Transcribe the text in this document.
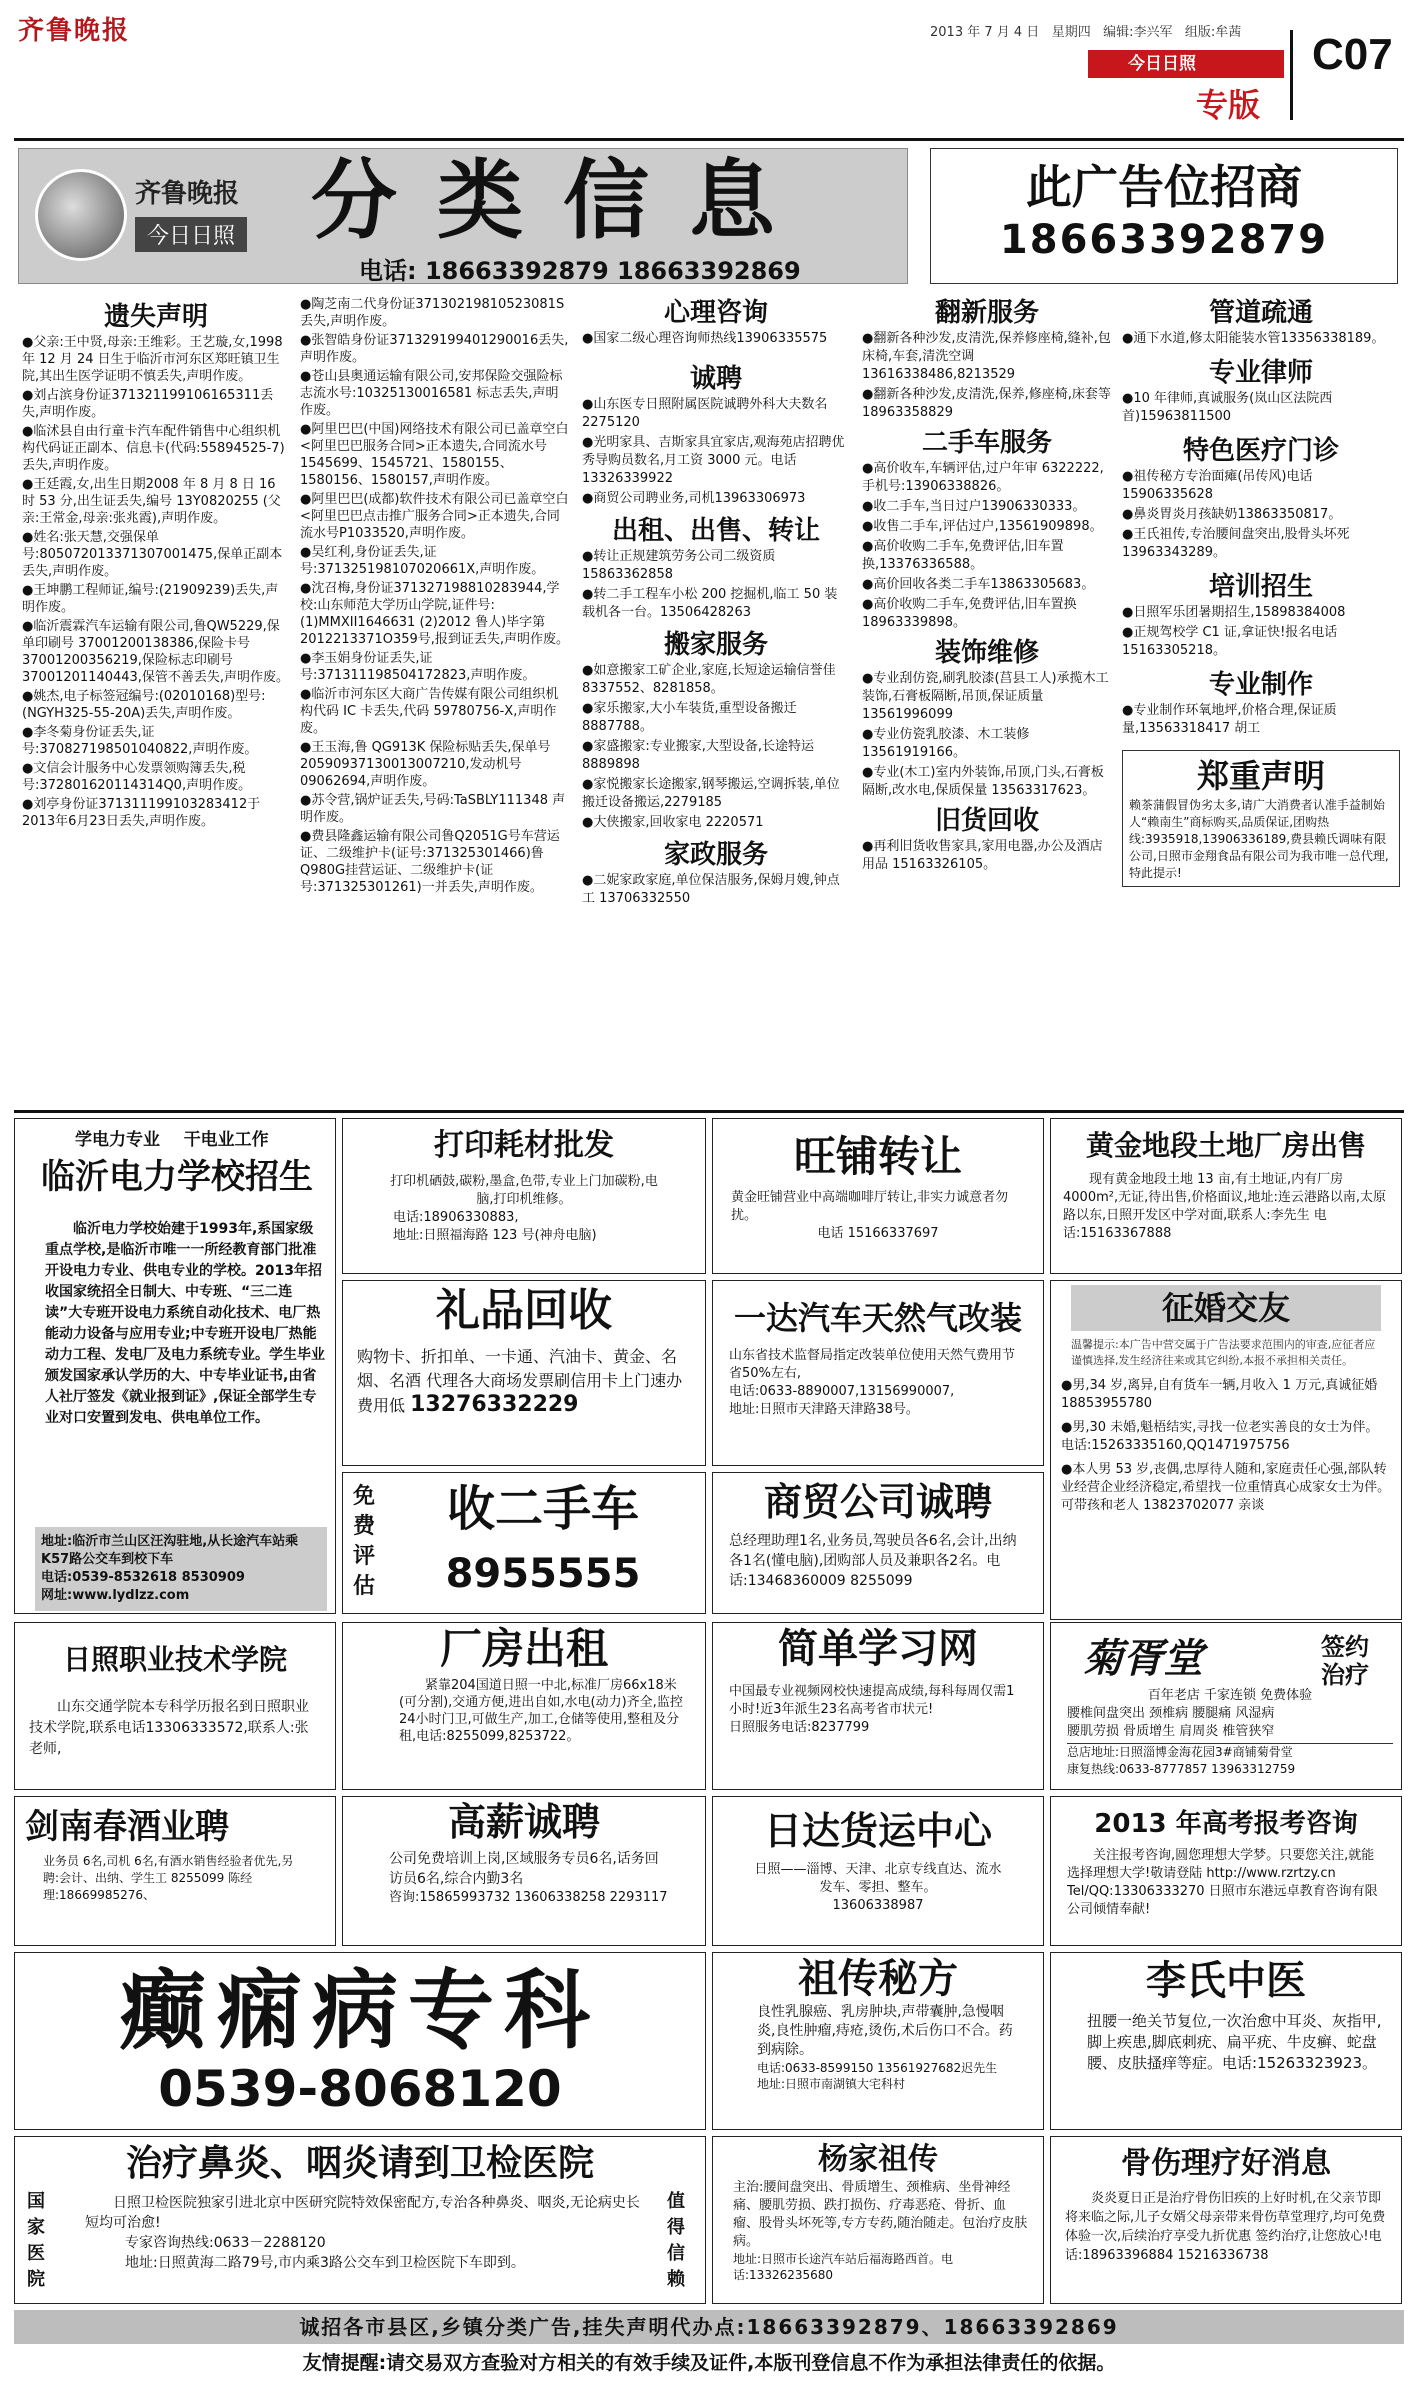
齐鲁晚报	2013 年 7 月 4 日 星期四 编辑:李兴军 组版:牟茜
今日日照
专版
C07
齐鲁晚报
今日日照 分类信息
电话: 18663392879 18663392869
此广告位招商
18663392879
遗失声明
●父亲:王中贤,母亲:王维彩。王艺璇,女,1998 年 12 月 24 日生于临沂市河东区郑旺镇卫生院,其出生医学证明不慎丢失,声明作废。
●刘占滨身份证371321199106165311丢失,声明作废。
●临沭县自由行童卡汽车配件销售中心组织机构代码证正副本、信息卡(代码:55894525-7)丢失,声明作废。
●王廷霞,女,出生日期2008 年 8 月 8 日 16 时 53 分,出生证丢失,编号 13Y0820255 (父亲:王常金,母亲:张兆霞),声明作废。
●姓名:张天慧,交强保单号:805072013371307001475,保单正副本丢失,声明作废。
●王坤鹏工程师证,编号:(21909239)丢失,声明作废。
●临沂震霖汽车运输有限公司,鲁QW5229,保单印刷号 37001200138386,保险卡号37001200356219,保险标志印刷号37001201140443,保管不善丢失,声明作废。
●姚杰,电子标签冠编号:(02010168)型号:(NGYH325-55-20A)丢失,声明作废。
●李冬菊身份证丢失,证号:370827198501040822,声明作废。
●文信会计服务中心发票领购簿丢失,税号:372801620114314Q0,声明作废。
●刘亭身份证371311199103283412于2013年6月23日丢失,声明作废。
●陶芝南二代身份证37130219810523081S丢失,声明作废。
●张智皓身份证371329199401290016丢失,声明作废。
●苍山县奥通运输有限公司,安邦保险交强险标志流水号:10325130016581 标志丢失,声明作废。
●阿里巴巴(中国)网络技术有限公司已盖章空白<阿里巴巴服务合同>正本遗失,合同流水号 1545699、1545721、1580155、1580156、1580157,声明作废。
●阿里巴巴(成都)软件技术有限公司已盖章空白<阿里巴巴点击推广服务合同>正本遗失,合同流水号P1033520,声明作废。
●吴红利,身份证丢失,证号:371325198107020661X,声明作废。
●沈召梅,身份证371327198810283944,学校:山东师范大学历山学院,证件号:(1)MMXII1646631 (2)2012 鲁人)毕字第2012213371O359号,报到证丢失,声明作废。
●李玉娟身份证丢失,证号:371311198504172823,声明作废。
●临沂市河东区大商广告传媒有限公司组织机构代码 IC 卡丢失,代码 59780756-X,声明作废。
●王玉海,鲁 QG913K 保险标贴丢失,保单号 20590937130013007210,发动机号 09062694,声明作废。
●苏令营,锅炉证丢失,号码:TaSBLY111348 声明作废。
●费县隆鑫运输有限公司鲁Q2051G号车营运证、二级维护卡(证号:371325301466)鲁Q980G挂营运证、二级维护卡(证号:371325301261)一并丢失,声明作废。
心理咨询
●国家二级心理咨询师热线13906335575
诚聘
●山东医专日照附属医院诚聘外科大夫数名 2275120
●光明家具、吉斯家具宜家店,观海苑店招聘优秀导购员数名,月工资 3000 元。电话 13326339922
●商贸公司聘业务,司机13963306973
出租、出售、转让
●转让正规建筑劳务公司二级资质 15863362858
●转二手工程车小松 200 挖掘机,临工 50 装载机各一台。13506428263
搬家服务
●如意搬家工矿企业,家庭,长短途运输信誉佳 8337552、8281858。
●家乐搬家,大小车装货,重型设备搬迁 8887788。
●家盛搬家:专业搬家,大型设备,长途特运 8889898
●家悦搬家长途搬家,钢琴搬运,空调拆装,单位搬迁设备搬运,2279185
●大侠搬家,回收家电 2220571
家政服务
●二妮家政家庭,单位保洁服务,保姆月嫂,钟点工 13706332550
翻新服务
●翻新各种沙发,皮清洗,保养修座椅,缝补,包床椅,车套,清洗空调 13616338486,8213529
●翻新各种沙发,皮清洗,保养,修座椅,床套等 18963358829
二手车服务
●高价收车,车辆评估,过户年审 6322222,手机号:13906338826。
●收二手车,当日过户13906330333。
●收售二手车,评估过户,13561909898。
●高价收购二手车,免费评估,旧车置换,13376336588。
●高价回收各类二手车13863305683。
●高价收购二手车,免费评估,旧车置换 18963339898。
装饰维修
●专业刮仿瓷,刷乳胶漆(莒县工人)承揽木工装饰,石膏板隔断,吊顶,保证质量 13561996099
●专业仿瓷乳胶漆、木工装修13561919166。
●专业(木工)室内外装饰,吊顶,门头,石膏板隔断,改水电,保质保量 13563317623。
旧货回收
●再利旧货收售家具,家用电器,办公及酒店用品 15163326105。
管道疏通
●通下水道,修太阳能装水管13356338189。
专业律师
●10 年律师,真诚服务(岚山区法院西首)15963811500
特色医疗门诊
●祖传秘方专治面瘫(吊传风)电话 15906335628
●鼻炎胃炎月孩缺奶13863350817。
●王氏祖传,专治腰间盘突出,股骨头坏死 13963343289。
培训招生
●日照军乐团暑期招生,15898384008
●正规驾校学 C1 证,拿证快!报名电话 15163305218。
专业制作
●专业制作环氧地坪,价格合理,保证质量,13563318417 胡工
郑重声明
赖茶蒲假冒伪劣太多,请广大消费者认准手益制始人“赖南生”商标购买,品质保证,团购热线:3935918,13906336189,费县赖氏调味有限公司,日照市金翔食品有限公司为我市唯一总代理,特此提示!
学电力专业 干电业工作
临沂电力学校招生
临沂电力学校始建于1993年,系国家级重点学校,是临沂市唯一一所经教育部门批准开设电力专业、供电专业的学校。2013年招收国家统招全日制大、中专班、“三二连读”大专班开设电力系统自动化技术、电厂热能动力设备与应用专业;中专班开设电厂热能动力工程、发电厂及电力系统专业。学生毕业颁发国家承认学历的大、中专毕业证书,由省人社厅签发《就业报到证》,保证全部学生专业对口安置到发电、供电单位工作。
地址:临沂市兰山区汪沟驻地,从长途汽车站乘K57路公交车到校下车
电话:0539-8532618 8530909
网址:www.lydlzz.com
打印耗材批发
打印机硒鼓,碳粉,墨盒,色带,专业上门加碳粉,电脑,打印机维修。
电话:18906330883,
地址:日照福海路 123 号(神舟电脑)
旺铺转让
黄金旺铺营业中高端咖啡厅转让,非实力诚意者勿扰。
电话 15166337697
黄金地段土地厂房出售
现有黄金地段土地 13 亩,有土地证,内有厂房 4000m²,无证,待出售,价格面议,地址:连云港路以南,太原路以东,日照开发区中学对面,联系人:李先生 电话:15163367888
礼品回收
购物卡、折扣单、一卡通、汽油卡、黄金、名烟、名酒 代理各大商场发票刷信用卡上门速办费用低 13276332229
一达汽车天然气改装
山东省技术监督局指定改装单位使用天然气费用节省50%左右,
电话:0633-8890007,13156990007,
地址:日照市天津路天津路38号。
征婚交友
温馨提示:本广告中营交属于广告法要求范围内的审查,应征者应谨慎选择,发生经济往来或其它纠纷,本报不承担相关责任。
●男,34 岁,离异,自有货车一辆,月收入 1 万元,真诚征婚 18853955780
●男,30 未婚,魁梧结实,寻找一位老实善良的女士为伴。电话:15263335160,QQ1471975756
●本人男 53 岁,丧偶,忠厚待人随和,家庭责任心强,部队转业经营企业经济稳定,希望找一位重情真心成家女士为伴。可带孩和老人 13823702077 亲谈
免费评估
收二手车
8955555
商贸公司诚聘
总经理助理1名,业务员,驾驶员各6名,会计,出纳各1名(懂电脑),团购部人员及兼职各2名。电话:13468360009 8255099
日照职业技术学院
山东交通学院本专科学历报名到日照职业技术学院,联系电话13306333572,联系人:张老师,
厂房出租
紧靠204国道日照一中北,标准厂房66x18米(可分割),交通方便,进出自如,水电(动力)齐全,监控24小时门卫,可做生产,加工,仓储等使用,整租及分租,电话:8255099,8253722。
简单学习网
中国最专业视频网校快速提高成绩,每科每周仅需1小时!近3年派生23名高考省市状元!
日照服务电话:8237799
菊胥堂	签约
治疗
百年老店 千家连锁 免费体验
腰椎间盘突出 颈椎病 腰腿痛 风湿病
腰肌劳损 骨质增生 肩周炎 椎管狭窄
总店地址:日照淄博金海花园3#商铺菊骨堂
康复热线:0633-8777857 13963312759
剑南春酒业聘
业务员 6名,司机 6名,有酒水销售经验者优先,另聘:会计、出纳、学生工 8255099 陈经理:18669985276、
高薪诚聘
公司免费培训上岗,区域服务专员6名,话务回访员6名,综合内勤3名
咨询:15865993732 13606338258 2293117
日达货运中心
日照——淄博、天津、北京专线直达、流水发车、零担、整车。
13606338987
2013 年高考报考咨询
关注报考咨询,圆您理想大学梦。只要您关注,就能选择理想大学!敬请登陆 http://www.rzrtzy.cn
Tel/QQ:13306333270 日照市东港远卓教育咨询有限公司倾情奉献!
癫痫病专科
0539-8068120
祖传秘方
良性乳腺癌、乳房肿块,声带囊肿,急慢咽炎,良性肿瘤,痔疮,烫伤,术后伤口不合。药到病除。
电话:0633-8599150 13561927682迟先生
地址:日照市南湖镇大宅科村
李氏中医
扭腰一绝关节复位,一次治愈中耳炎、灰指甲,脚上疾患,脚底刺疣、扁平疣、牛皮癣、蛇盘腰、皮肤搔痒等症。电话:15263323923。
治疗鼻炎、咽炎请到卫检医院
国家医院
值得信赖
日照卫检医院独家引进北京中医研究院特效保密配方,专治各种鼻炎、咽炎,无论病史长短均可治愈!
专家咨询热线:0633－2288120
地址:日照黄海二路79号,市内乘3路公交车到卫检医院下车即到。
杨家祖传
主治:腰间盘突出、骨质增生、颈椎病、坐骨神经痛、腰肌劳损、跌打损伤、疗毒恶疮、骨折、血瘤、股骨头坏死等,专方专药,随治随走。包治疗皮肤病。
地址:日照市长途汽车站后福海路西首。电话:13326235680
骨伤理疗好消息
炎炎夏日正是治疗骨伤旧疾的上好时机,在父亲节即将来临之际,儿子女婿父母亲带来骨伤草堂理疗,均可免费体验一次,后续治疗享受九折优惠 签约治疗,让您放心!电话:18963396884 15216336738
诚招各市县区,乡镇分类广告,挂失声明代办点:18663392879、18663392869
友情提醒:请交易双方查验对方相关的有效手续及证件,本版刊登信息不作为承担法律责任的依据。
